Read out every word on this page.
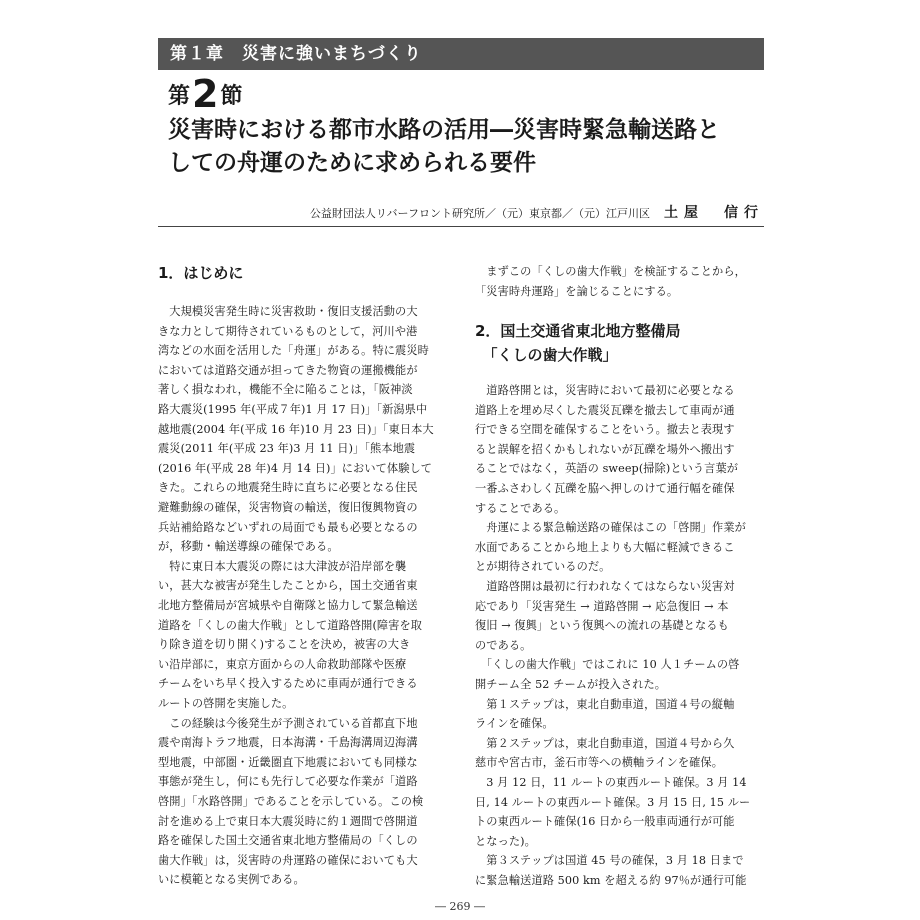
第１章　災害に強いまちづくり
第2節
災害時における都市水路の活用―災害時緊急輸送路と
しての舟運のために求められる要件
公益財団法人リバーフロント研究所／（元）東京都／（元）江戸川区 土屋　信行
1．はじめに
　大規模災害発生時に災害救助・復旧支援活動の大
きな力として期待されているものとして，河川や港
湾などの水面を活用した「舟運」がある。特に震災時
においては道路交通が担ってきた物資の運搬機能が
著しく損なわれ，機能不全に陥ることは，「阪神淡
路大震災(1995 年(平成７年)1 月 17 日)」「新潟県中
越地震(2004 年(平成 16 年)10 月 23 日)」「東日本大
震災(2011 年(平成 23 年)3 月 11 日)」「熊本地震
(2016 年(平成 28 年)4 月 14 日)」において体験して
きた。これらの地震発生時に直ちに必要となる住民
避難動線の確保，災害物資の輸送，復旧復興物資の
兵站補給路などいずれの局面でも最も必要となるの
が，移動・輸送導線の確保である。
　特に東日本大震災の際には大津波が沿岸部を襲
い，甚大な被害が発生したことから，国土交通省東
北地方整備局が宮城県や自衛隊と協力して緊急輸送
道路を「くしの歯大作戦」として道路啓開(障害を取
り除き道を切り開く)することを決め，被害の大き
い沿岸部に，東京方面からの人命救助部隊や医療
チームをいち早く投入するために車両が通行できる
ルートの啓開を実施した。
　この経験は今後発生が予測されている首都直下地
震や南海トラフ地震，日本海溝・千島海溝周辺海溝
型地震，中部圏・近畿圏直下地震においても同様な
事態が発生し，何にも先行して必要な作業が「道路
啓開」「水路啓開」であることを示している。この検
討を進める上で東日本大震災時に約１週間で啓開道
路を確保した国土交通省東北地方整備局の「くしの
歯大作戦」は，災害時の舟運路の確保においても大
いに模範となる実例である。
　まずこの「くしの歯大作戦」を検証することから，
「災害時舟運路」を論じることにする。
2．国土交通省東北地方整備局
　「くしの歯大作戦」
　道路啓開とは，災害時において最初に必要となる
道路上を埋め尽くした震災瓦礫を撤去して車両が通
行できる空間を確保することをいう。撤去と表現す
ると誤解を招くかもしれないが瓦礫を場外へ搬出す
ることではなく，英語の sweep(掃除)という言葉が
一番ふさわしく瓦礫を脇へ押しのけて通行幅を確保
することである。
　舟運による緊急輸送路の確保はこの「啓開」作業が
水面であることから地上よりも大幅に軽減できるこ
とが期待されているのだ。
　道路啓開は最初に行われなくてはならない災害対
応であり「災害発生 → 道路啓開 → 応急復旧 → 本
復旧 → 復興」という復興への流れの基礎となるも
のである。
　「くしの歯大作戦」ではこれに 10 人１チームの啓
開チーム全 52 チームが投入された。
　第１ステップは，東北自動車道，国道４号の縦軸
ラインを確保。
　第２ステップは，東北自動車道，国道４号から久
慈市や宮古市，釜石市等への横軸ラインを確保。
　3 月 12 日，11 ルートの東西ルート確保。3 月 14
日, 14 ルートの東西ルート確保。3 月 15 日, 15 ルー
トの東西ルート確保(16 日から一般車両通行が可能
となった)。
　第３ステップは国道 45 号の確保，3 月 18 日まで
に緊急輸送道路 500 km を超える約 97％が通行可能
― 269 ―
